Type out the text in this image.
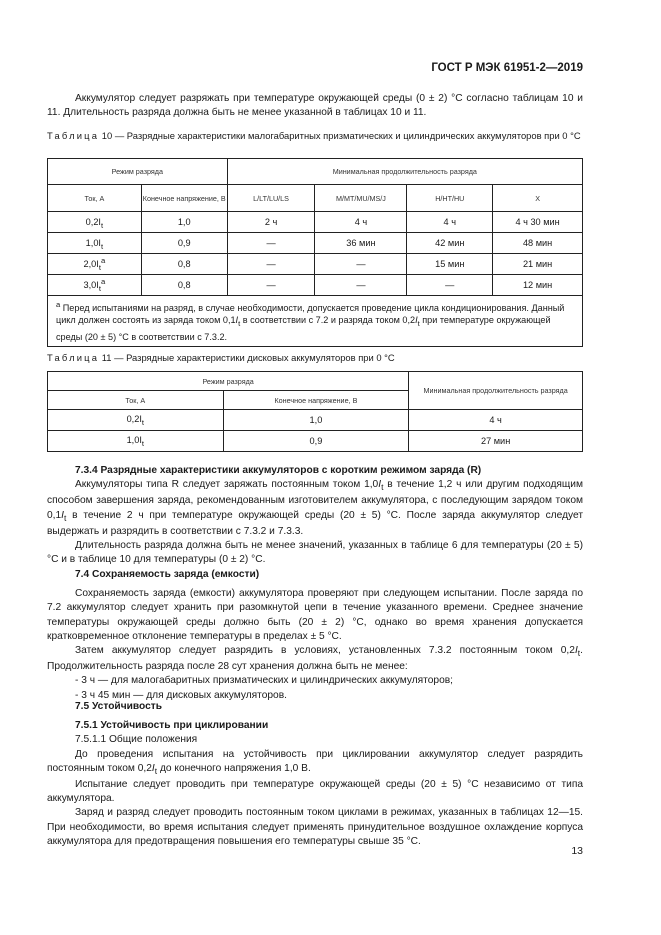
ГОСТ Р МЭК 61951-2—2019

Аккумулятор следует разряжать при температуре окружающей среды (0 ± 2) °C согласно таблицам 10 и 11. Длительность разряда должна быть не менее указанной в таблицах 10 и 11.

Таблица 10 — Разрядные характеристики малогабаритных призматических и цилиндрических аккумуляторов при 0 °C
Режим разряда		Минимальная продолжительность разряда			
Ток, А	Конечное напряжение, В	L/LT/LU/LS	M/MT/MU/MS/J	H/HT/HU	X
$0,2I_t$	1,0	2 ч	4 ч	4 ч	4 ч 30 мин
$1,0I_t$	0,9	—	36 мин	42 мин	48 мин
$2,0I_t^a$	0,8	—	—	15 мин	21 мин
$3,0I_t^a$	0,8	—	—	—	12 мин
$^a$ Перед испытаниями на разряд, в случае необходимости, допускается проведение цикла кондиционирования. Данный цикл должен состоять из заряда током $0,1I_t$ в соответствии с 7.2 и разряда током $0,2I_t$ при температуре окружающей среды (20 ± 5) °C в соответствии с 7.3.2.					
Таблица 11 — Разрядные характеристики дисковых аккумуляторов при 0 °C
Режим разряда		Минимальная продолжительность разряда
Ток, А	Конечное напряжение, В	
$0,2I_t$	1,0	4 ч
$1,0I_t$	0,9	27 мин

7.3.4 Разрядные характеристики аккумуляторов с коротким режимом заряда (R)

Аккумуляторы типа R следует заряжать постоянным током $1,0I_t$ в течение 1,2 ч или другим подходящим способом завершения заряда, рекомендованным изготовителем аккумулятора, с последующим зарядом током $0,1I_t$ в течение 2 ч при температуре окружающей среды (20 ± 5) °C. После заряда аккумулятор следует выдержать и разрядить в соответствии с 7.3.2 и 7.3.3.

Длительность разряда должна быть не менее значений, указанных в таблице 6 для температуры (20 ± 5) °C и в таблице 10 для температуры (0 ± 2) °C.

7.4 Сохраняемость заряда (емкости)

Сохраняемость заряда (емкости) аккумулятора проверяют при следующем испытании. После заряда по 7.2 аккумулятор следует хранить при разомкнутой цепи в течение указанного времени. Среднее значение температуры окружающей среды должно быть (20 ± 2) °C, однако во время хранения допускается кратковременное отклонение температуры в пределах ± 5 °C.

Затем аккумулятор следует разрядить в условиях, установленных 7.3.2 постоянным током $0,2I_t$. Продолжительность разряда после 28 сут хранения должна быть не менее:

- 3 ч — для малогабаритных призматических и цилиндрических аккумуляторов;

- 3 ч 45 мин — для дисковых аккумуляторов.

7.5 Устойчивость

7.5.1 Устойчивость при циклировании

7.5.1.1 Общие положения

До проведения испытания на устойчивость при циклировании аккумулятор следует разрядить постоянным током $0,2I_t$ до конечного напряжения 1,0 В.

Испытание следует проводить при температуре окружающей среды (20 ± 5) °C независимо от типа аккумулятора.

Заряд и разряд следует проводить постоянным током циклами в режимах, указанных в таблицах 12—15. При необходимости, во время испытания следует применять принудительное воздушное охлаждение корпуса аккумулятора для предотвращения повышения его температуры свыше 35 °C.

13
